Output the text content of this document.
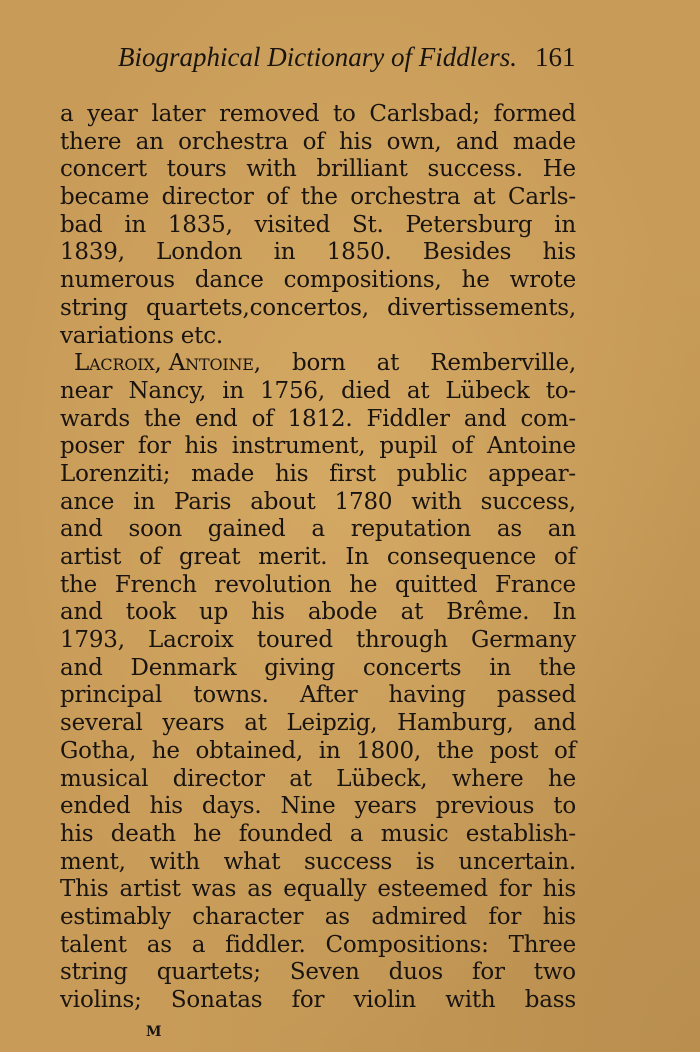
Biographical Dictionary of Fiddlers. 161
a year later removed to Carlsbad; formed
there an orchestra of his own, and made
concert tours with brilliant success. He
became director of the orchestra at Carls-
bad in 1835, visited St. Petersburg in
1839, London in 1850. Besides his
numerous dance compositions, he wrote
string quartets,concertos, divertissements,
variations etc.
Lacroix, Antoine, born at Remberville,
near Nancy, in 1756, died at Lübeck to-
wards the end of 1812. Fiddler and com-
poser for his instrument, pupil of Antoine
Lorenziti; made his first public appear-
ance in Paris about 1780 with success,
and soon gained a reputation as an
artist of great merit. In consequence of
the French revolution he quitted France
and took up his abode at Brême. In
1793, Lacroix toured through Germany
and Denmark giving concerts in the
principal towns. After having passed
several years at Leipzig, Hamburg, and
Gotha, he obtained, in 1800, the post of
musical director at Lübeck, where he
ended his days. Nine years previous to
his death he founded a music establish-
ment, with what success is uncertain.
This artist was as equally esteemed for his
estimably character as admired for his
talent as a fiddler. Compositions: Three
string quartets; Seven duos for two
violins; Sonatas for violin with bass
M
